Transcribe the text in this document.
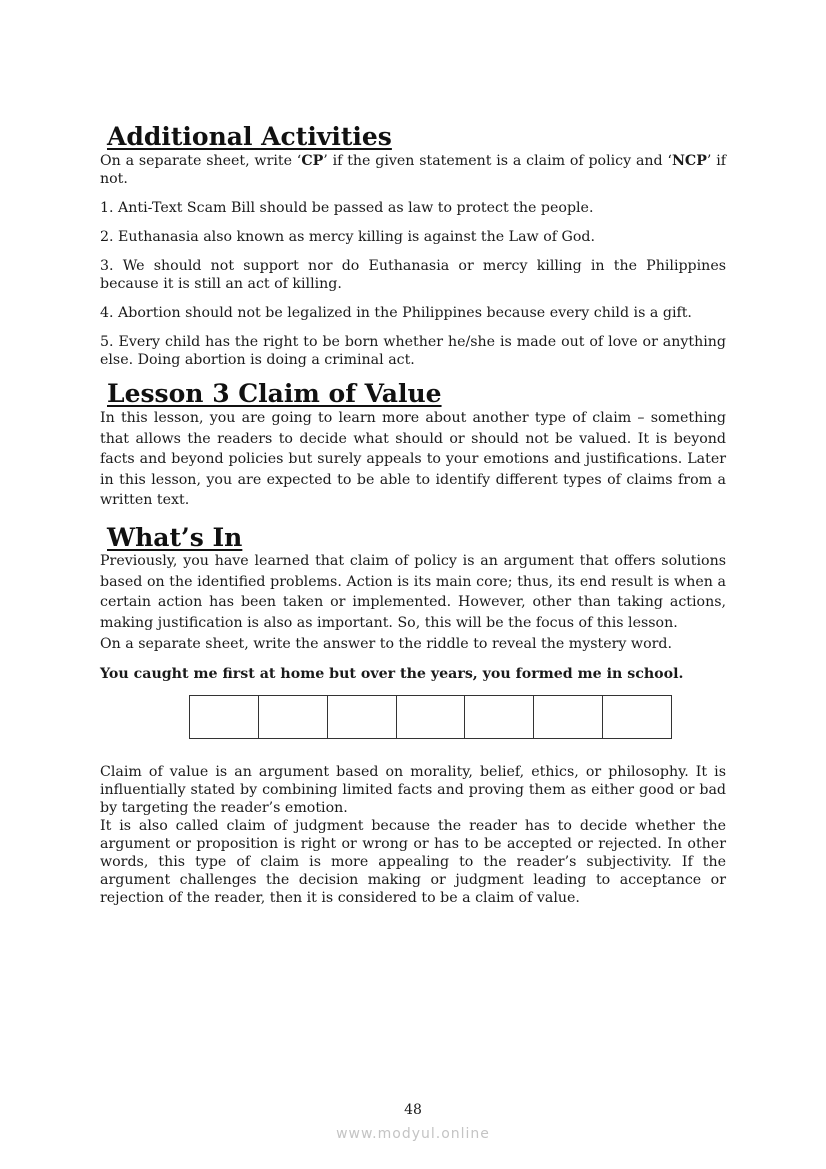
Additional Activities
On a separate sheet, write ‘CP’ if the given statement is a claim of policy and ‘NCP’ if not.
1. Anti-Text Scam Bill should be passed as law to protect the people.
2. Euthanasia also known as mercy killing is against the Law of God.
3. We should not support nor do Euthanasia or mercy killing in the Philippines because it is still an act of killing.
4. Abortion should not be legalized in the Philippines because every child is a gift.
5. Every child has the right to be born whether he/she is made out of love or anything else. Doing abortion is doing a criminal act.
Lesson 3 Claim of Value
In this lesson, you are going to learn more about another type of claim – something that allows the readers to decide what should or should not be valued. It is beyond facts and beyond policies but surely appeals to your emotions and justifications. Later in this lesson, you are expected to be able to identify different types of claims from a written text.
What’s In
Previously, you have learned that claim of policy is an argument that offers solutions based on the identified problems. Action is its main core; thus, its end result is when a certain action has been taken or implemented. However, other than taking actions, making justification is also as important. So, this will be the focus of this lesson.
On a separate sheet, write the answer to the riddle to reveal the mystery word.
You caught me first at home but over the years, you formed me in school.
Claim of value is an argument based on morality, belief, ethics, or philosophy. It is influentially stated by combining limited facts and proving them as either good or bad by targeting the reader’s emotion.
It is also called claim of judgment because the reader has to decide whether the argument or proposition is right or wrong or has to be accepted or rejected. In other words, this type of claim is more appealing to the reader’s subjectivity. If the argument challenges the decision making or judgment leading to acceptance or rejection of the reader, then it is considered to be a claim of value.
48
www.modyul.online
